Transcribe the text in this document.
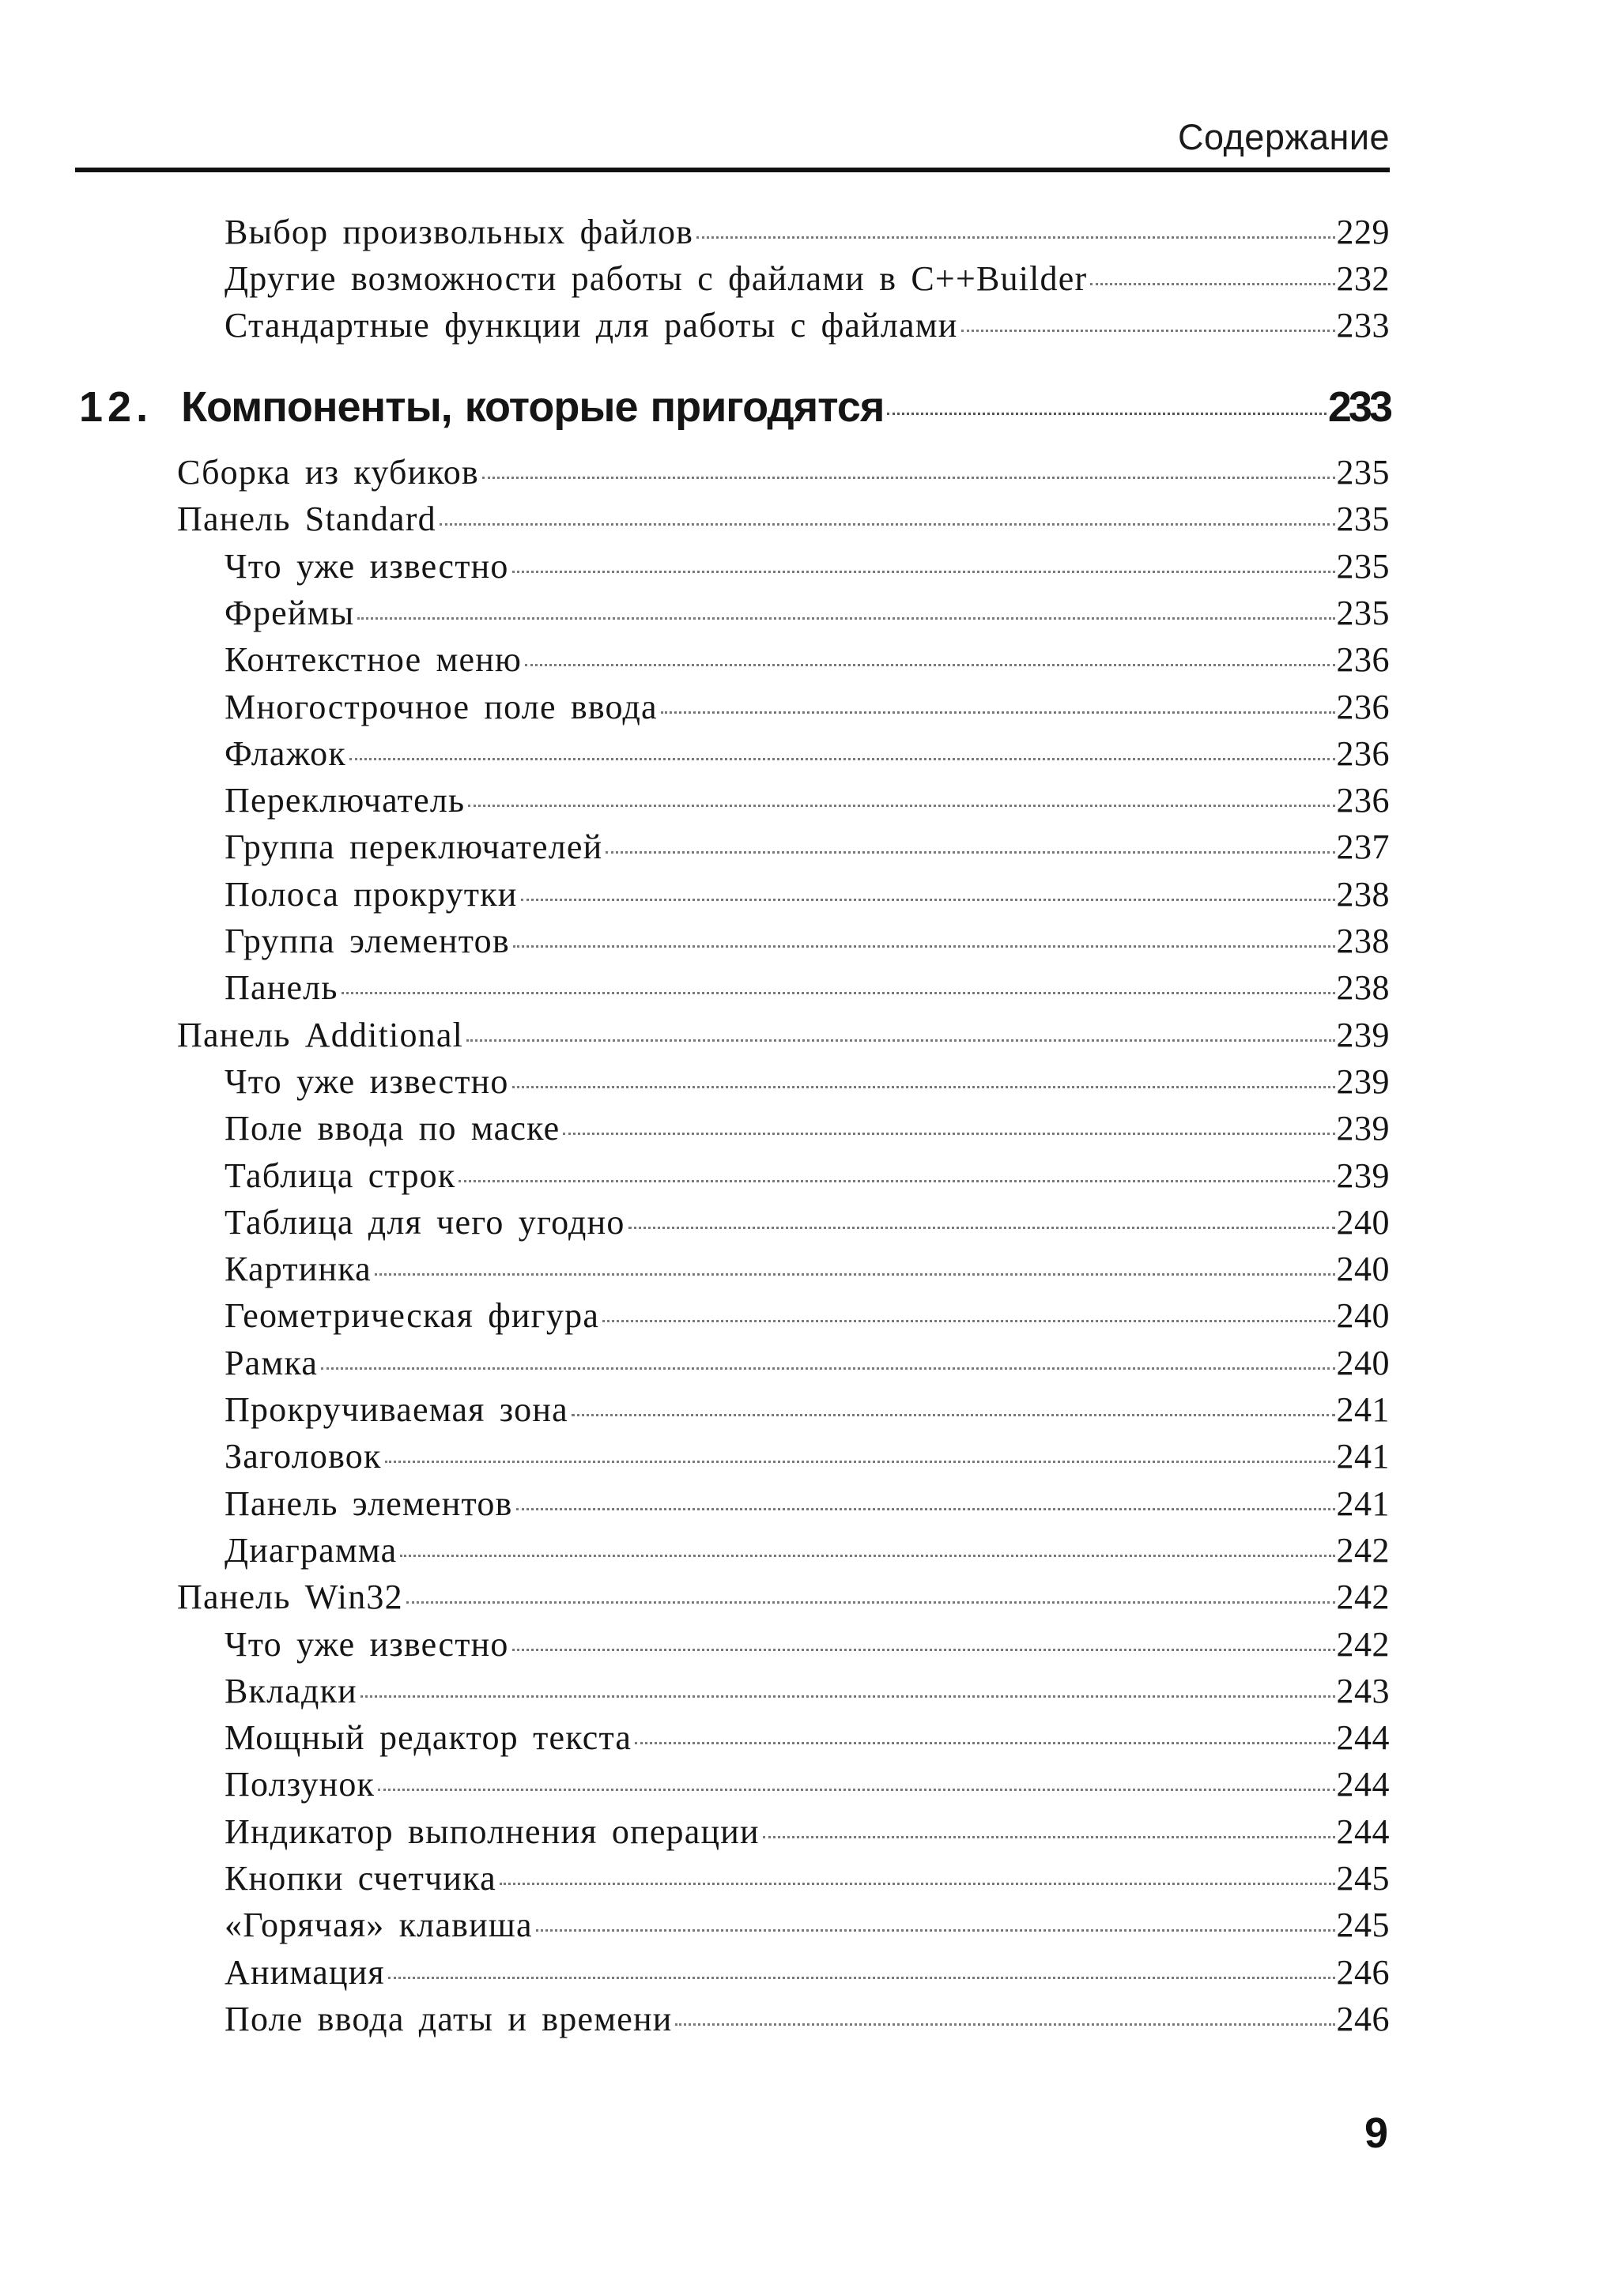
Содержание
Выбор произвольных файлов	229
Другие возможности работы с файлами в C++Builder	232
Стандартные функции для работы с файлами	233
12. Компоненты, которые пригодятся	233
Сборка из кубиков	235
Панель Standard	235
Что уже известно	235
Фреймы	235
Контекстное меню	236
Многострочное поле ввода	236
Флажок	236
Переключатель	236
Группа переключателей	237
Полоса прокрутки	238
Группа элементов	238
Панель	238
Панель Additional	239
Что уже известно	239
Поле ввода по маске	239
Таблица строк	239
Таблица для чего угодно	240
Картинка	240
Геометрическая фигура	240
Рамка	240
Прокручиваемая зона	241
Заголовок	241
Панель элементов	241
Диаграмма	242
Панель Win32	242
Что уже известно	242
Вкладки	243
Мощный редактор текста	244
Ползунок	244
Индикатор выполнения операции	244
Кнопки счетчика	245
«Горячая» клавиша	245
Анимация	246
Поле ввода даты и времени	246
9
